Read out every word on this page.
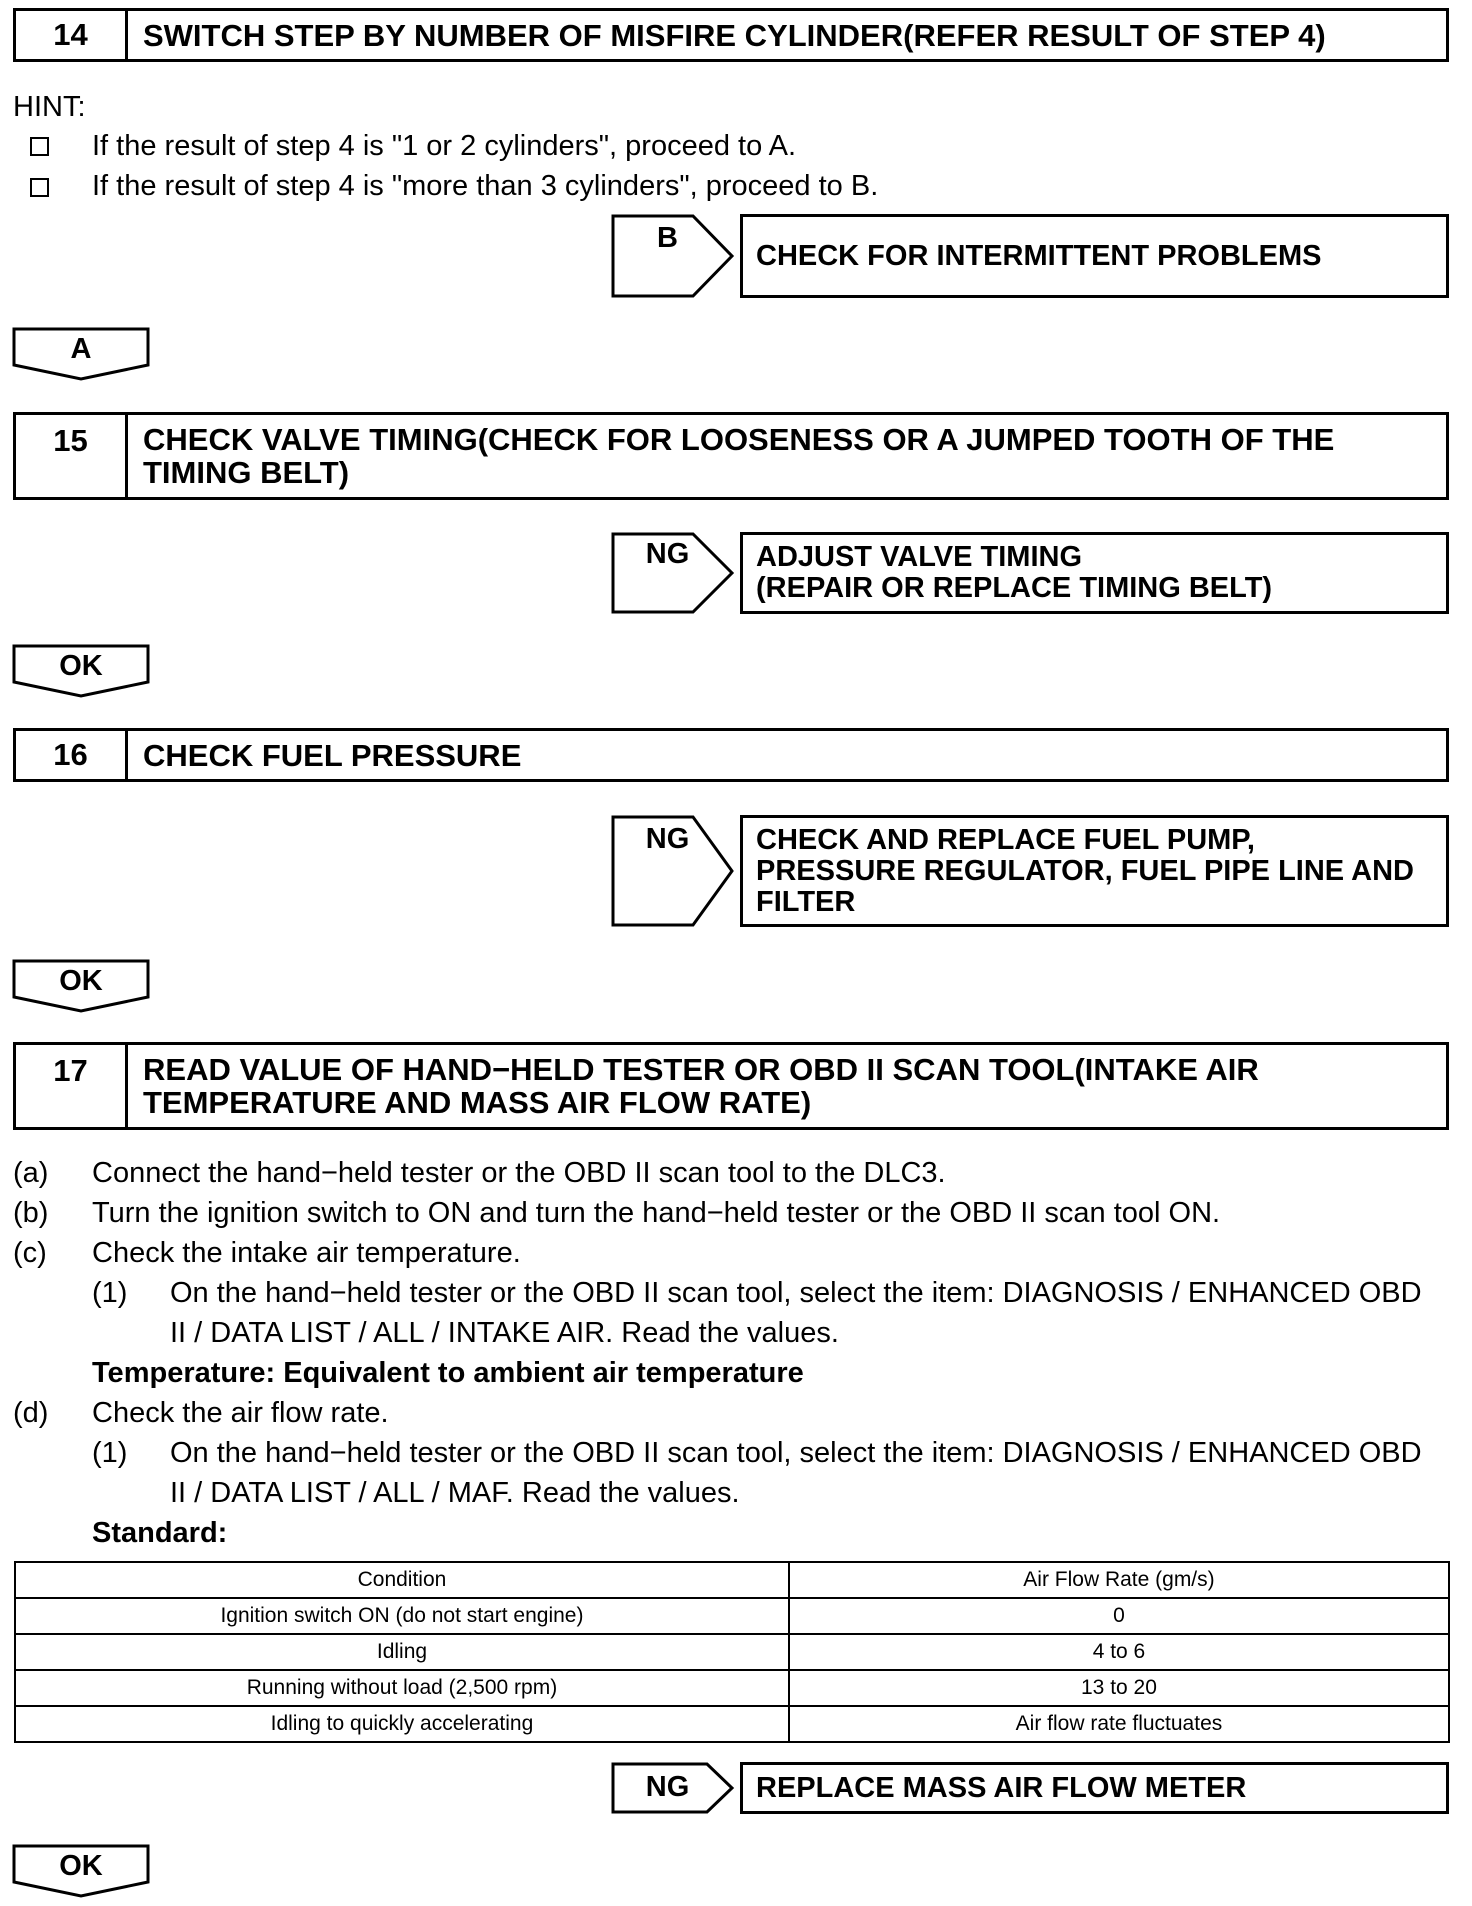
14	SWITCH STEP BY NUMBER OF MISFIRE CYLINDER(REFER RESULT OF STEP 4)
HINT:
If the result of step 4 is "1 or 2 cylinders", proceed to A.
If the result of step 4 is "more than 3 cylinders", proceed to B.
B
CHECK FOR INTERMITTENT PROBLEMS
A
15	CHECK VALVE TIMING(CHECK FOR LOOSENESS OR A JUMPED TOOTH OF THE
TIMING BELT)
NG	ADJUST VALVE TIMING
(REPAIR OR REPLACE TIMING BELT)
OK
16	CHECK FUEL PRESSURE
NG	CHECK AND REPLACE FUEL PUMP,
PRESSURE REGULATOR, FUEL PIPE LINE AND
FILTER
OK
17	READ VALUE OF HAND−HELD TESTER OR OBD II SCAN TOOL(INTAKE AIR
TEMPERATURE AND MASS AIR FLOW RATE)
(a) Connect the hand−held tester or the OBD II scan tool to the DLC3.
(b) Turn the ignition switch to ON and turn the hand−held tester or the OBD II scan tool ON.
(c) Check the intake air temperature.
(1) On the hand−held tester or the OBD II scan tool, select the item: DIAGNOSIS / ENHANCED OBD
II / DATA LIST / ALL / INTAKE AIR. Read the values.
Temperature: Equivalent to ambient air temperature
(d) Check the air flow rate.
(1) On the hand−held tester or the OBD II scan tool, select the item: DIAGNOSIS / ENHANCED OBD
II / DATA LIST / ALL / MAF. Read the values.
Standard:
Condition	Air Flow Rate (gm/s)
Ignition switch ON (do not start engine)	0
Idling	4 to 6
Running without load (2,500 rpm)	13 to 20
Idling to quickly accelerating	Air flow rate fluctuates
NG	REPLACE MASS AIR FLOW METER
OK
